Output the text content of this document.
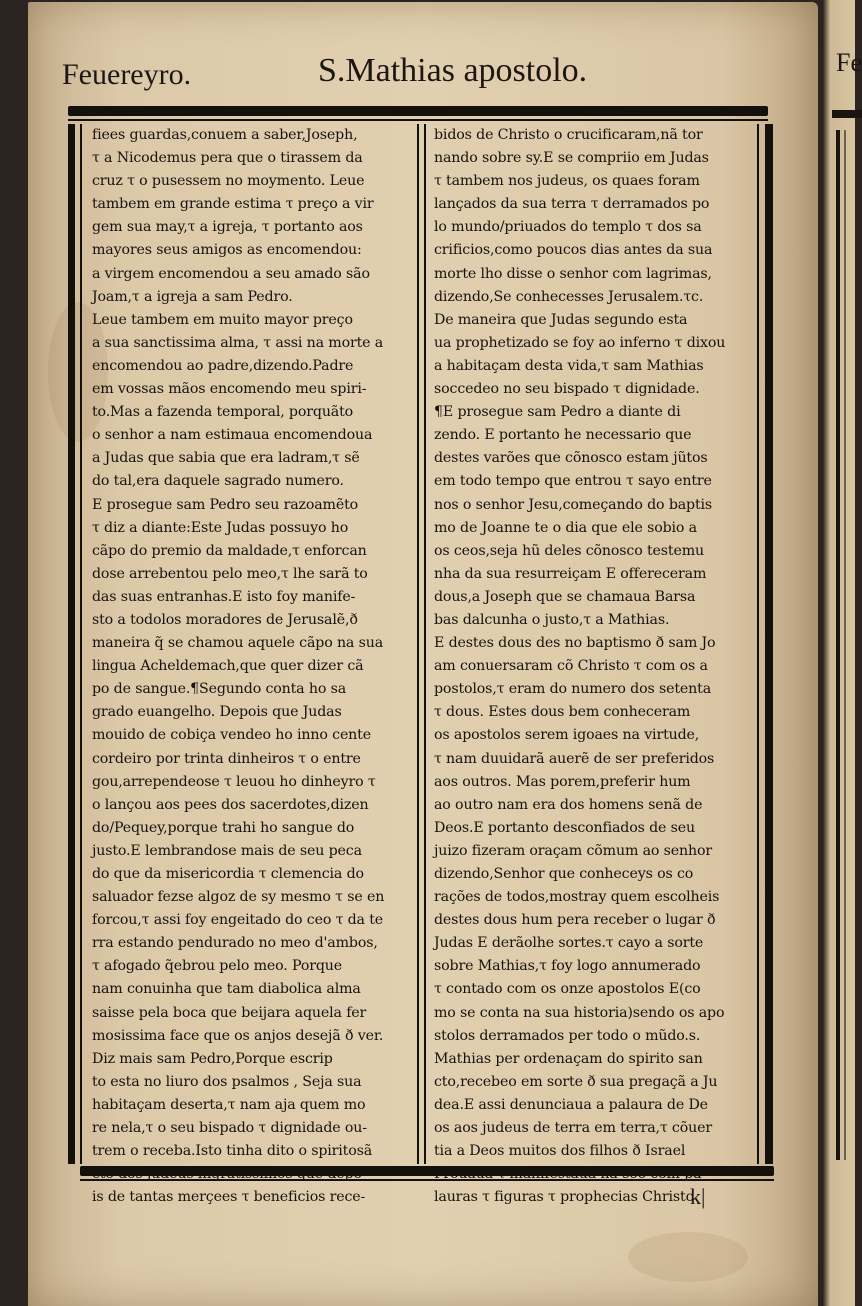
Fe
Feuereyro.	S.Mathias apostolo.
fiees guardas,conuem a saber,Joseph,
τ a Nicodemus pera que o tirassem da
cruz τ o pusessem no moymento. Leue
tambem em grande estima τ preço a vir
gem sua may,τ a igreja, τ portanto aos
mayores seus amigos as encomendou:
a virgem encomendou a seu amado são
Joam,τ a igreja a sam Pedro.
Leue tambem em muito mayor preço
a sua sanctissima alma, τ assi na morte a
encomendou ao padre,dizendo.Padre
em vossas mãos encomendo meu spiri-
to.Mas a fazenda temporal, porquãto
o senhor a nam estimaua encomendoua
a Judas que sabia que era ladram,τ sẽ
do tal,era daquele sagrado numero.
E prosegue sam Pedro seu razoamẽto
τ diz a diante:Este Judas possuyo ho
cãpo do premio da maldade,τ enforcan
dose arrebentou pelo meo,τ lhe sarã to
das suas entranhas.E isto foy manife-
sto a todolos moradores de Jerusalẽ,ð
maneira q̃ se chamou aquele cãpo na sua
lingua Acheldemach,que quer dizer cã
po de sangue.¶Segundo conta ho sa
grado euangelho. Depois que Judas
mouido de cobiça vendeo ho inno cente
cordeiro por trinta dinheiros τ o entre
gou,arrependeose τ leuou ho dinheyro τ
o lançou aos pees dos sacerdotes,dizen
do/Pequey,porque trahi ho sangue do
justo.E lembrandose mais de seu peca
do que da misericordia τ clemencia do
saluador fezse algoz de sy mesmo τ se en
forcou,τ assi foy engeitado do ceo τ da te
rra estando pendurado no meo d'ambos,
τ afogado q̃ebrou pelo meo. Porque
nam conuinha que tam diabolica alma
saisse pela boca que beijara aquela fer
mosissima face que os anjos desejã ð ver.
Diz mais sam Pedro,Porque escrip
to esta no liuro dos psalmos , Seja sua
habitaçam deserta,τ nam aja quem mo
re nela,τ o seu bispado τ dignidade ou-
trem o receba.Isto tinha dito o spiritosã
is de tantas merçees τ beneficios rece-
bidos de Christo o crucificaram,nã tor
nando sobre sy.E se compriio em Judas
τ tambem nos judeus, os quaes foram
lançados da sua terra τ derramados po
lo mundo/priuados do templo τ dos sa
crificios,como poucos dias antes da sua
morte lho disse o senhor com lagrimas,
dizendo,Se conhecesses Jerusalem.τc.
De maneira que Judas segundo esta
ua prophetizado se foy ao inferno τ dixou
a habitaçam desta vida,τ sam Mathias
soccedeo no seu bispado τ dignidade.
¶E prosegue sam Pedro a diante di
zendo. E portanto he necessario que
destes varões que cõnosco estam jũtos
em todo tempo que entrou τ sayo entre
nos o senhor Jesu,começando do baptis
mo de Joanne te o dia que ele sobio a
os ceos,seja hũ deles cõnosco testemu
nha da sua resurreiçam E offereceram
dous,a Joseph que se chamaua Barsa
bas dalcunha o justo,τ a Mathias.
E destes dous des no baptismo ð sam Jo
am conuersaram cõ Christo τ com os a
postolos,τ eram do numero dos setenta
τ dous. Estes dous bem conheceram
os apostolos serem igoaes na virtude,
τ nam duuidarã auerẽ de ser preferidos
aos outros. Mas porem,preferir hum
ao outro nam era dos homens senã de
Deos.E portanto desconfiados de seu
juizo fizeram oraçam cõmum ao senhor
dizendo,Senhor que conheceys os co
rações de todos,mostray quem escolheis
destes dous hum pera receber o lugar ð
Judas E derãolhe sortes.τ cayo a sorte
sobre Mathias,τ foy logo annumerado
τ contado com os onze apostolos E(co
mo se conta na sua historia)sendo os apo
stolos derramados per todo o mũdo.s.
Mathias per ordenaçam do spirito san
cto,recebeo em sorte ð sua pregaçã a Ju
dea.E assi denunciaua a palaura de De
os aos judeus de terra em terra,τ cõuer
tia a Deos muitos dos filhos ð Israel
lauras τ figuras τ prophecias Christo
k|
